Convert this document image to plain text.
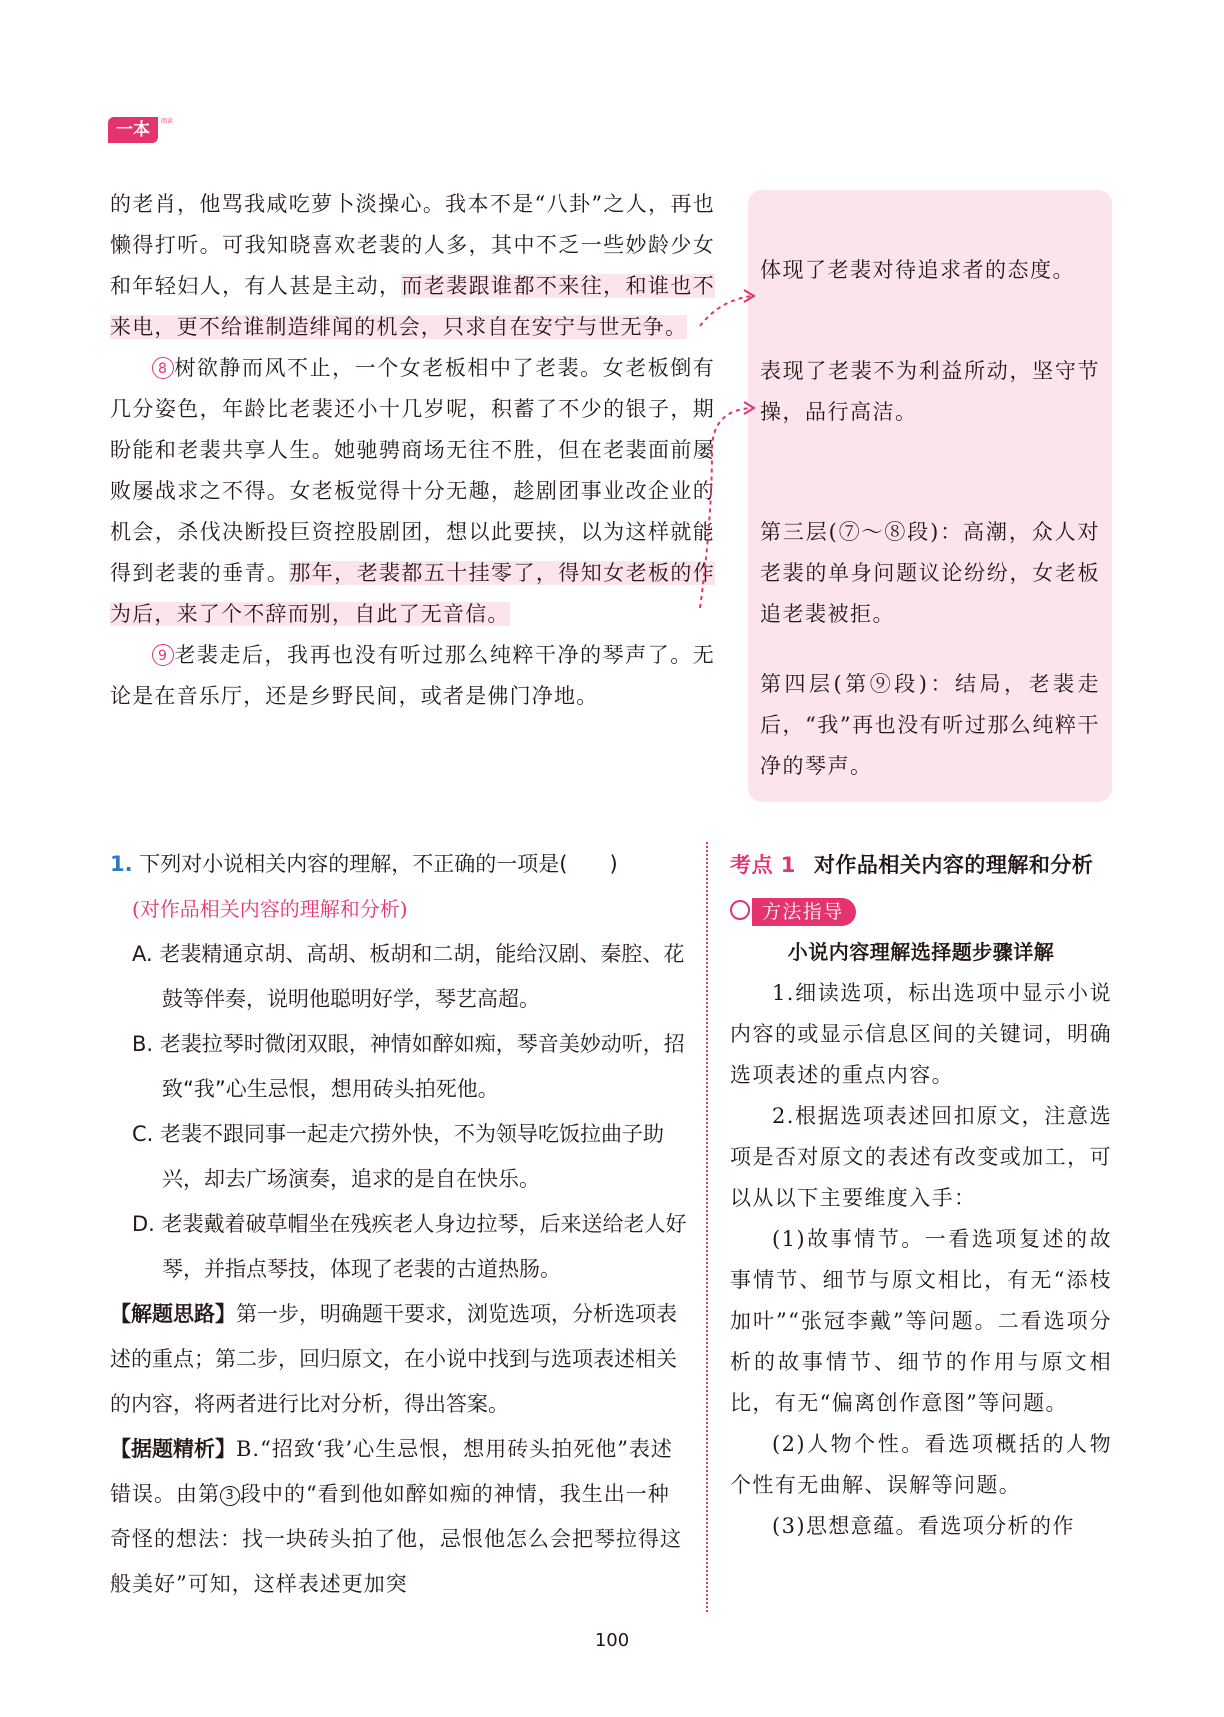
一本	阅读

的老肖，他骂我咸吃萝卜淡操心。我本不是“八卦”之人，再也懒得打听。可我知晓喜欢老裴的人多，其中不乏一些妙龄少女和年轻妇人，有人甚是主动，而老裴跟谁都不来往，和谁也不来电，更不给谁制造绯闻的机会，只求自在安宁与世无争。

8 树欲静而风不止，一个女老板相中了老裴。女老板倒有几分姿色，年龄比老裴还小十几岁呢，积蓄了不少的银子，期盼能和老裴共享人生。她驰骋商场无往不胜，但在老裴面前屡败屡战求之不得。女老板觉得十分无趣，趁剧团事业改企业的机会，杀伐决断投巨资控股剧团，想以此要挟，以为这样就能得到老裴的垂青。那年，老裴都五十挂零了，得知女老板的作为后，来了个不辞而别，自此了无音信。

9 老裴走后，我再也没有听过那么纯粹干净的琴声了。无论是在音乐厅，还是乡野民间，或者是佛门净地。

体现了老裴对待追求者的态度。
表现了老裴不为利益所动，坚守节操，品行高洁。
第三层(⑦～⑧段)：高潮，众人对老裴的单身问题议论纷纷，女老板追老裴被拒。
第四层(第⑨段)：结局，老裴走后，“我”再也没有听过那么纯粹干净的琴声。

1. 下列对小说相关内容的理解，不正确的一项是(　　)

(对作品相关内容的理解和分析)

A. 老裴精通京胡、高胡、板胡和二胡，能给汉剧、秦腔、花鼓等伴奏，说明他聪明好学，琴艺高超。

B. 老裴拉琴时微闭双眼，神情如醉如痴，琴音美妙动听，招致“我”心生忌恨，想用砖头拍死他。

C. 老裴不跟同事一起走穴捞外快，不为领导吃饭拉曲子助兴，却去广场演奏，追求的是自在快乐。

D. 老裴戴着破草帽坐在残疾老人身边拉琴，后来送给老人好琴，并指点琴技，体现了老裴的古道热肠。

【解题思路】第一步，明确题干要求，浏览选项，分析选项表述的重点；第二步，回归原文，在小说中找到与选项表述相关的内容，将两者进行比对分析，得出答案。

【据题精析】B.“招致‘我’心生忌恨，想用砖头拍死他”表述错误。由第 3 段中的“看到他如醉如痴的神情，我生出一种奇怪的想法：找一块砖头拍了他，忌恨他怎么会把琴拉得这般美好”可知，这样表述更加突

考点 1 对作品相关内容的理解和分析

方法指导

小说内容理解选择题步骤详解

1.细读选项，标出选项中显示小说内容的或显示信息区间的关键词，明确选项表述的重点内容。

2.根据选项表述回扣原文，注意选项是否对原文的表述有改变或加工，可以从以下主要维度入手：

(1)故事情节。一看选项复述的故事情节、细节与原文相比，有无“添枝加叶”“张冠李戴”等问题。二看选项分析的故事情节、细节的作用与原文相比，有无“偏离创作意图”等问题。

(2)人物个性。看选项概括的人物个性有无曲解、误解等问题。

(3)思想意蕴。看选项分析的作

100
